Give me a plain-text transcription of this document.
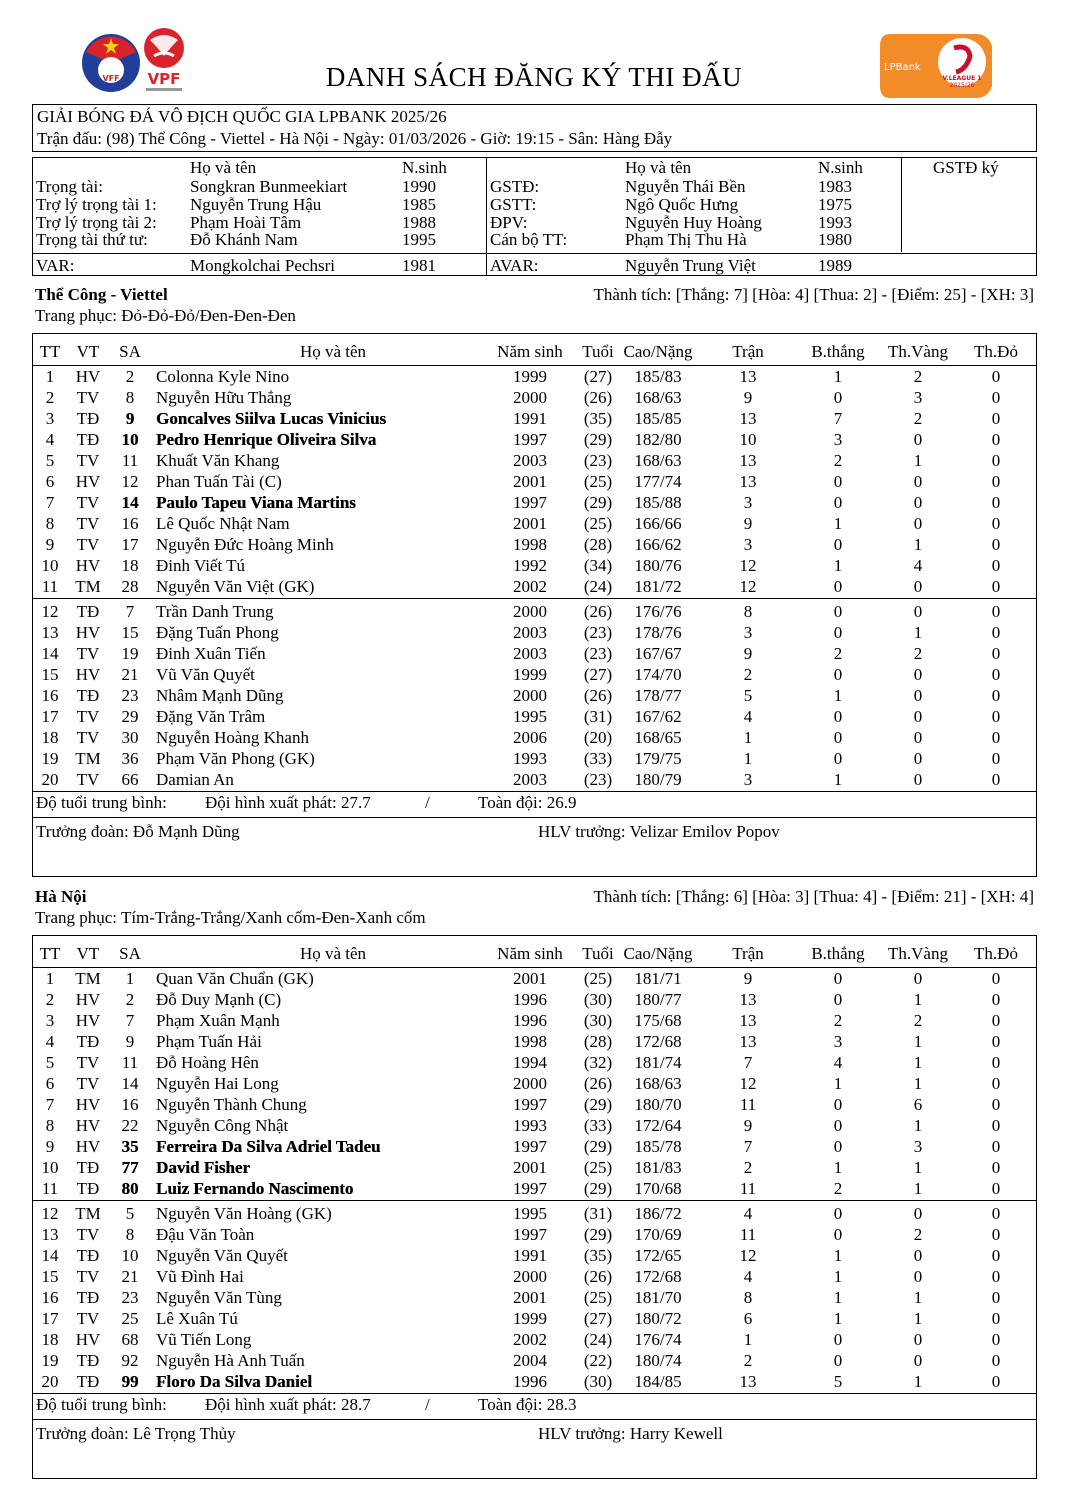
VFF VPF	DANH SÁCH ĐĂNG KÝ THI ĐẤU	LPBank
V.LEAGUE 1
2025/26
GIẢI BÓNG ĐÁ VÔ ĐỊCH QUỐC GIA LPBANK 2025/26
Trận đấu: (98) Thể Công - Viettel - Hà Nội - Ngày: 01/03/2026 - Giờ: 19:15 - Sân: Hàng Đẫy
Họ và tên	N.sinh	Họ và tên	N.sinh	GSTĐ ký
Trọng tài:	Songkran Bunmeekiart	1990	GSTĐ:	Nguyễn Thái Bền	1983
Trợ lý trọng tài 1: Nguyễn Trung Hậu	1985	GSTT:	Ngô Quốc Hưng	1975
Trợ lý trọng tài 2: Phạm Hoài Tâm	1988	ĐPV:	Nguyễn Huy Hoàng	1993
Trọng tài thứ tư: Đỗ Khánh Nam	1995	Cán bộ TT:	Phạm Thị Thu Hà	1980
VAR:	Mongkolchai Pechsri	1981	AVAR:	Nguyễn Trung Việt	1989
Thể Công - Viettel	Thành tích: [Thắng: 7] [Hòa: 4] [Thua: 2] - [Điểm: 25] - [XH: 3]
Trang phục: Đỏ-Đỏ-Đỏ/Đen-Đen-Đen
TT VT	SA	Họ và tên	Năm sinh	Tuổi Cao/Nặng	Trận	B.thắng	Th.Vàng	Th.Đỏ
1	HV	2	Colonna Kyle Nino	1999	(27)	185/83	13	1	2	0
2	TV	8	Nguyễn Hữu Thắng	2000	(26)	168/63	9	0	3	0
3	TĐ	9	Goncalves Siilva Lucas Vinicius	1991	(35)	185/85	13	7	2	0
4	TĐ	10	Pedro Henrique Oliveira Silva	1997	(29)	182/80	10	3	0	0
5	TV	11	Khuất Văn Khang	2003	(23)	168/63	13	2	1	0
6	HV	12	Phan Tuấn Tài (C)	2001	(25)	177/74	13	0	0	0
7	TV	14	Paulo Tapeu Viana Martins	1997	(29)	185/88	3	0	0	0
8	TV	16	Lê Quốc Nhật Nam	2001	(25)	166/66	9	1	0	0
9	TV	17	Nguyễn Đức Hoàng Minh	1998	(28)	166/62	3	0	1	0
10	HV	18	Đinh Viết Tú	1992	(34)	180/76	12	1	4	0
11	TM	28	Nguyễn Văn Việt (GK)	2002	(24)	181/72	12	0	0	0
12	TĐ	7	Trần Danh Trung	2000	(26)	176/76	8	0	0	0
13	HV	15	Đặng Tuấn Phong	2003	(23)	178/76	3	0	1	0
14	TV	19	Đinh Xuân Tiến	2003	(23)	167/67	9	2	2	0
15	HV	21	Vũ Văn Quyết	1999	(27)	174/70	2	0	0	0
16	TĐ	23	Nhâm Mạnh Dũng	2000	(26)	178/77	5	1	0	0
17	TV	29	Đặng Văn Trâm	1995	(31)	167/62	4	0	0	0
18	TV	30	Nguyễn Hoàng Khanh	2006	(20)	168/65	1	0	0	0
19 TM	36	Phạm Văn Phong (GK)	1993	(33)	179/75	1	0	0	0
20	TV	66	Damian An	2003	(23)	180/79	3	1	0	0
Độ tuổi trung bình: Đội hình xuất phát: 27.7	/	Toàn đội: 26.9
Trưởng đoàn: Đỗ Mạnh Dũng	HLV trưởng: Velizar Emilov Popov
Hà Nội	Thành tích: [Thắng: 6] [Hòa: 3] [Thua: 4] - [Điểm: 21] - [XH: 4]
Trang phục: Tím-Trắng-Trắng/Xanh cốm-Đen-Xanh cốm
TT VT	SA	Họ và tên	Năm sinh	Tuổi Cao/Nặng	Trận	B.thắng	Th.Vàng	Th.Đỏ
1	TM	1	Quan Văn Chuẩn (GK)	2001	(25)	181/71	9	0	0	0
2	HV	2	Đỗ Duy Mạnh (C)	1996	(30)	180/77	13	0	1	0
3	HV	7	Phạm Xuân Mạnh	1996	(30)	175/68	13	2	2	0
4	TĐ	9	Phạm Tuấn Hải	1998	(28)	172/68	13	3	1	0
5	TV	11	Đỗ Hoàng Hên	1994	(32)	181/74	7	4	1	0
6	TV	14	Nguyễn Hai Long	2000	(26)	168/63	12	1	1	0
7	HV	16	Nguyễn Thành Chung	1997	(29)	180/70	11	0	6	0
8	HV	22	Nguyễn Công Nhật	1993	(33)	172/64	9	0	1	0
9	HV	35	Ferreira Da Silva Adriel Tadeu	1997	(29)	185/78	7	0	3	0
10	TĐ	77	David Fisher	2001	(25)	181/83	2	1	1	0
11	TĐ	80	Luiz Fernando Nascimento	1997	(29)	170/68	11	2	1	0
12 TM	5	Nguyễn Văn Hoàng (GK)	1995	(31)	186/72	4	0	0	0
13	TV	8	Đậu Văn Toàn	1997	(29)	170/69	11	0	2	0
14	TĐ	10	Nguyễn Văn Quyết	1991	(35)	172/65	12	1	0	0
15	TV	21	Vũ Đình Hai	2000	(26)	172/68	4	1	0	0
16	TĐ	23	Nguyễn Văn Tùng	2001	(25)	181/70	8	1	1	0
17	TV	25	Lê Xuân Tú	1999	(27)	180/72	6	1	1	0
18	HV	68	Vũ Tiến Long	2002	(24)	176/74	1	0	0	0
19	TĐ	92	Nguyễn Hà Anh Tuấn	2004	(22)	180/74	2	0	0	0
20	TĐ	99	Floro Da Silva Daniel	1996	(30)	184/85	13	5	1	0
Độ tuổi trung bình: Đội hình xuất phát: 28.7	/	Toàn đội: 28.3
Trưởng đoàn: Lê Trọng Thủy	HLV trưởng: Harry Kewell
